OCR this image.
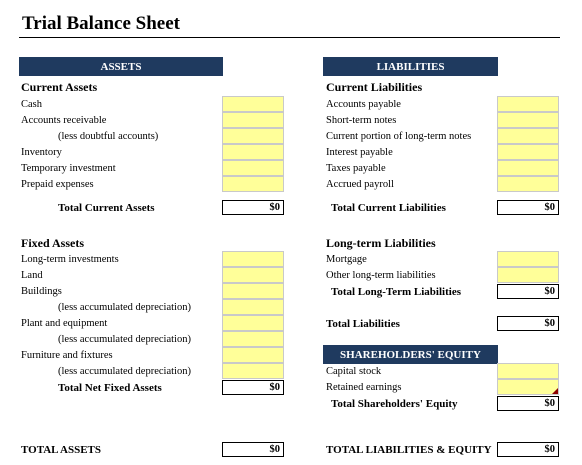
Trial Balance Sheet
ASSETS
Current Assets
Cash
Accounts receivable
(less doubtful accounts)
Inventory
Temporary investment
Prepaid expenses
Total Current Assets	$0
Fixed Assets
Long-term investments
Land
Buildings
(less accumulated depreciation)
Plant and equipment
(less accumulated depreciation)
Furniture and fixtures
(less accumulated depreciation)
Total Net Fixed Assets	$0
TOTAL ASSETS	$0
LIABILITIES
Current Liabilities
Accounts payable
Short-term notes
Current portion of long-term notes
Interest payable
Taxes payable
Accrued payroll
Total Current Liabilities	$0
Long-term Liabilities
Mortgage
Other long-term liabilities
Total Long-Term Liabilities	$0
Total Liabilities	$0
SHAREHOLDERS' EQUITY
Capital stock
Retained earnings
Total Shareholders' Equity	$0
TOTAL LIABILITIES & EQUITY	$0
